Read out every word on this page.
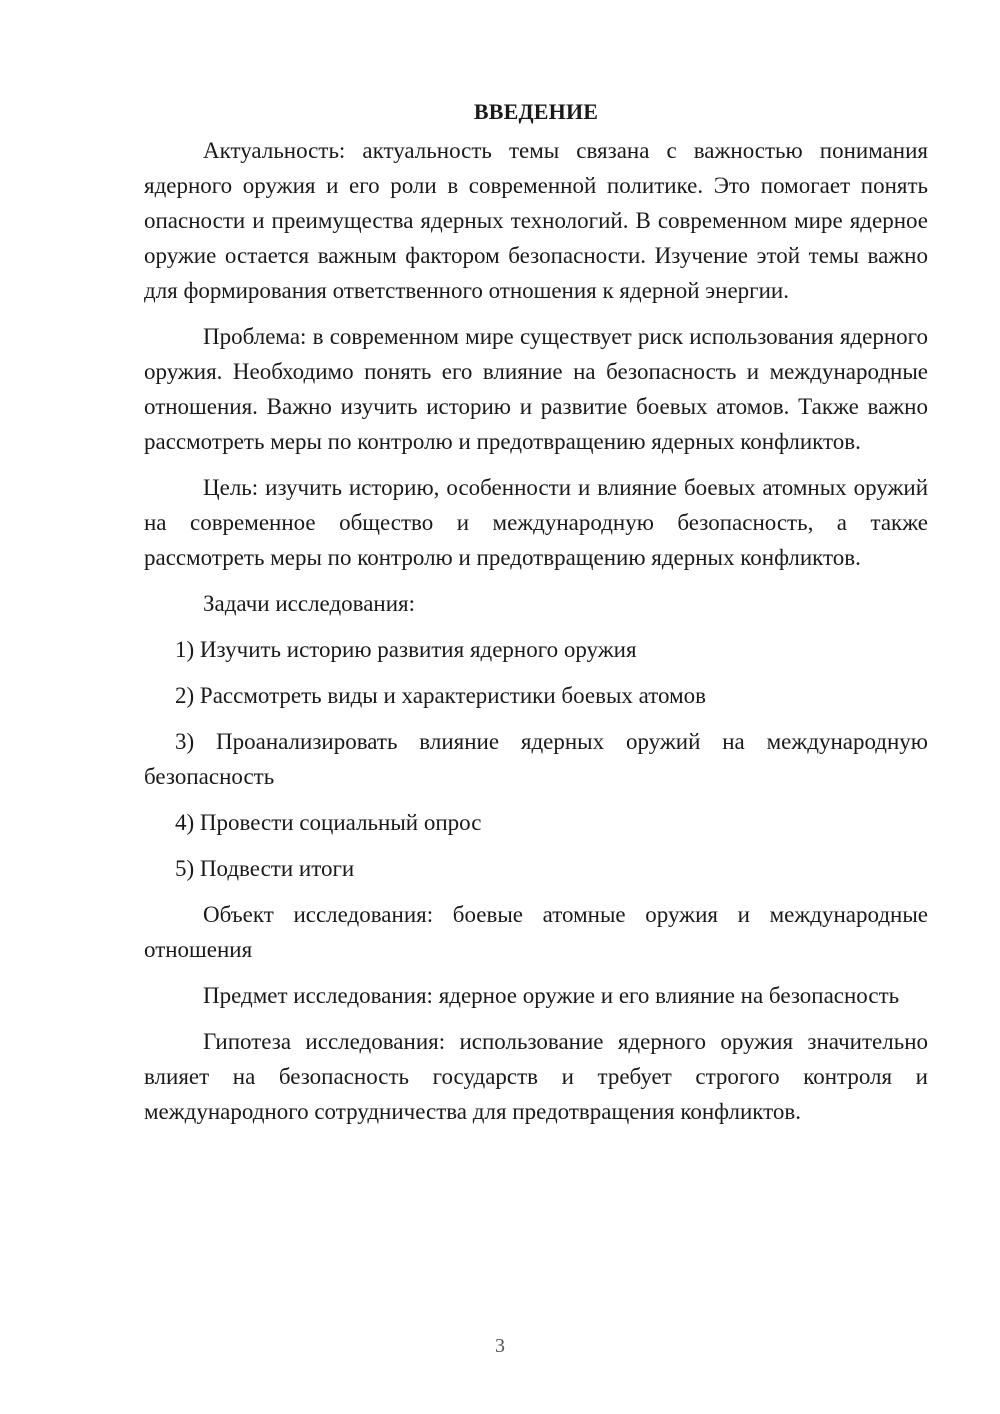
ВВЕДЕНИЕ

Актуальность: актуальность темы связана с важностью понимания ядерного оружия и его роли в современной политике. Это помогает понять опасности и преимущества ядерных технологий. В современном мире ядерное оружие остается важным фактором безопасности. Изучение этой темы важно для формирования ответственного отношения к ядерной энергии.

Проблема: в современном мире существует риск использования ядерного оружия. Необходимо понять его влияние на безопасность и международные отношения. Важно изучить историю и развитие боевых атомов. Также важно рассмотреть меры по контролю и предотвращению ядерных конфликтов.

Цель: изучить историю, особенности и влияние боевых атомных оружий на современное общество и международную безопасность, а также рассмотреть меры по контролю и предотвращению ядерных конфликтов.

Задачи исследования:

1) Изучить историю развития ядерного оружия

2) Рассмотреть виды и характеристики боевых атомов

3) Проанализировать влияние ядерных оружий на международную безопасность

4) Провести социальный опрос

5) Подвести итоги

Объект исследования: боевые атомные оружия и международные отношения

Предмет исследования: ядерное оружие и его влияние на безопасность

Гипотеза исследования: использование ядерного оружия значительно влияет на безопасность государств и требует строгого контроля и международного сотрудничества для предотвращения конфликтов.

3
